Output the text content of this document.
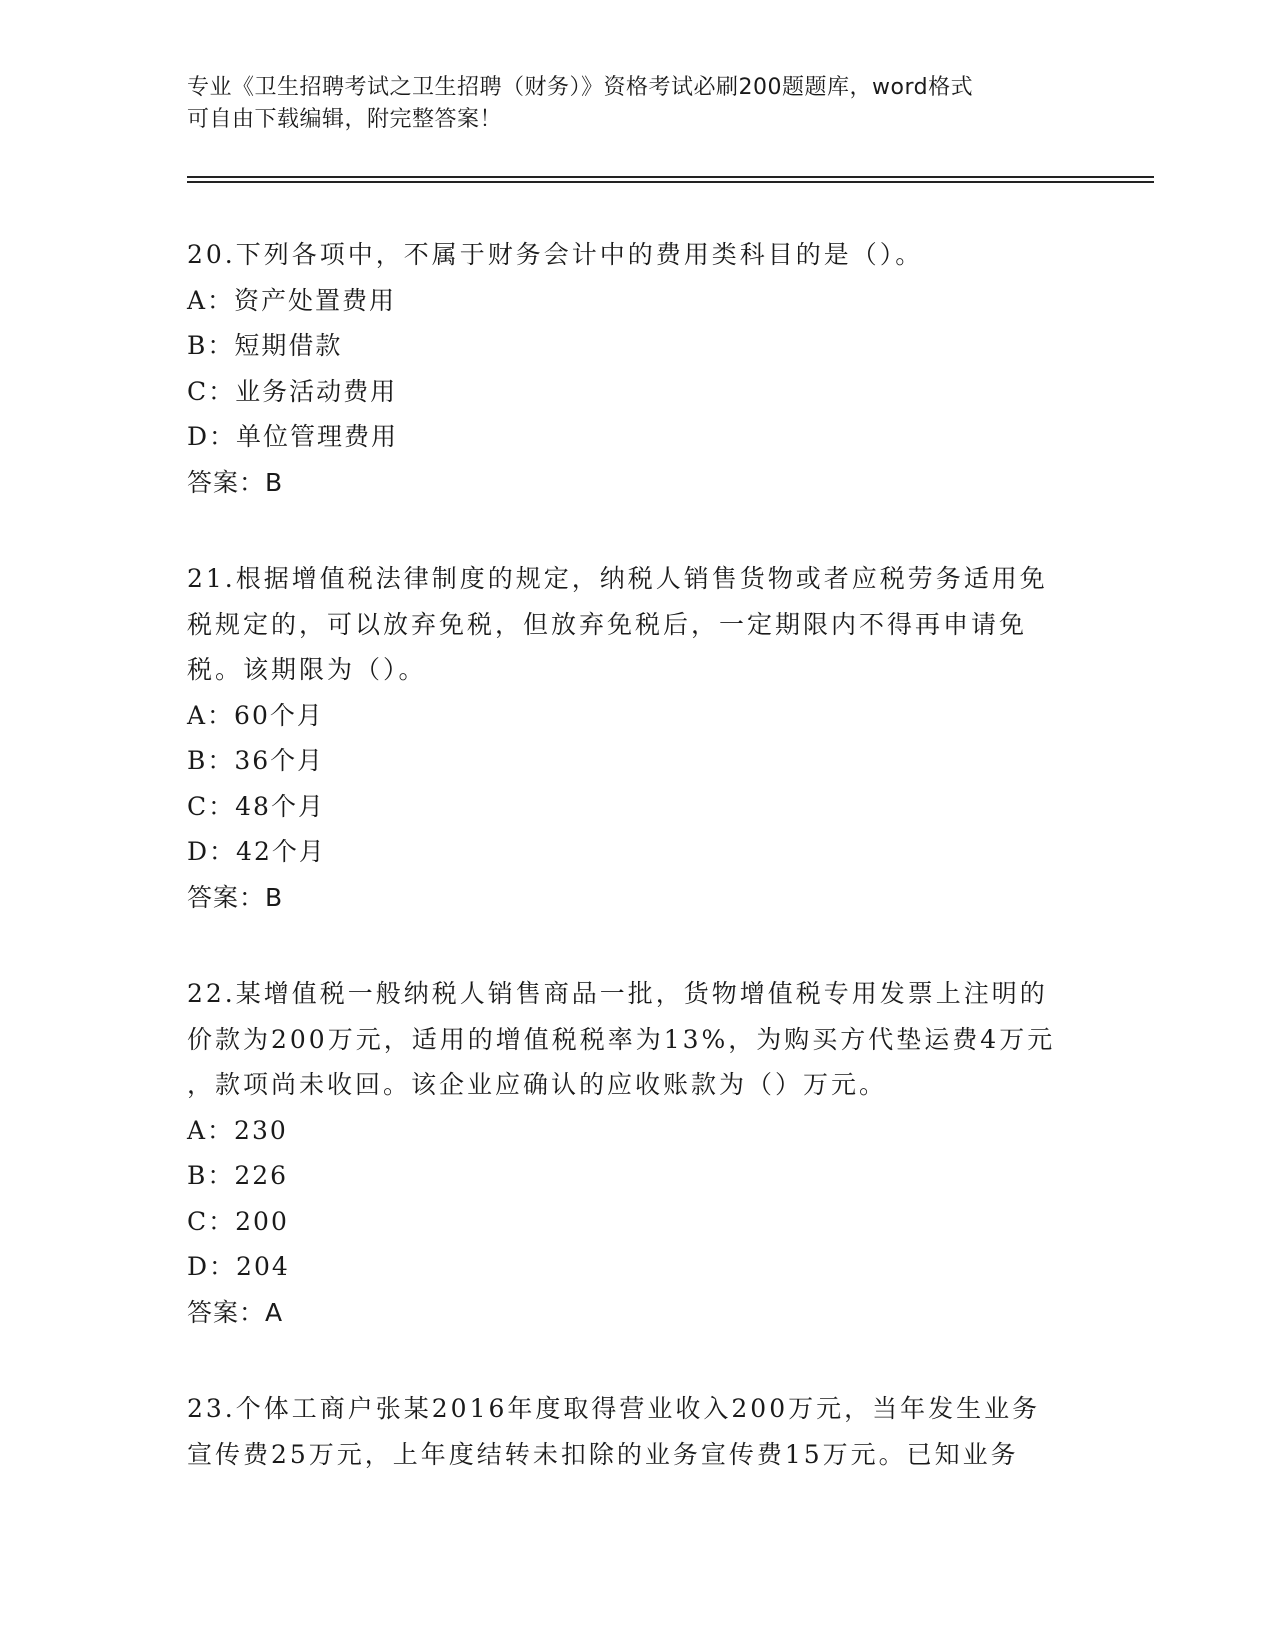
专业《卫生招聘考试之卫生招聘（财务）》资格考试必刷200题题库，word格式
可自由下载编辑，附完整答案！
20.下列各项中，不属于财务会计中的费用类科目的是（）。
A：资产处置费用
B：短期借款
C：业务活动费用
D：单位管理费用
答案：B
21.根据增值税法律制度的规定，纳税人销售货物或者应税劳务适用免
税规定的，可以放弃免税，但放弃免税后，一定期限内不得再申请免
税。该期限为（）。
A：60个月
B：36个月
C：48个月
D：42个月
答案：B
22.某增值税一般纳税人销售商品一批，货物增值税专用发票上注明的
价款为200万元，适用的增值税税率为13%，为购买方代垫运费4万元
，款项尚未收回。该企业应确认的应收账款为（）万元。
A：230
B：226
C：200
D：204
答案：A
23.个体工商户张某2016年度取得营业收入200万元，当年发生业务
宣传费25万元，上年度结转未扣除的业务宣传费15万元。已知业务
